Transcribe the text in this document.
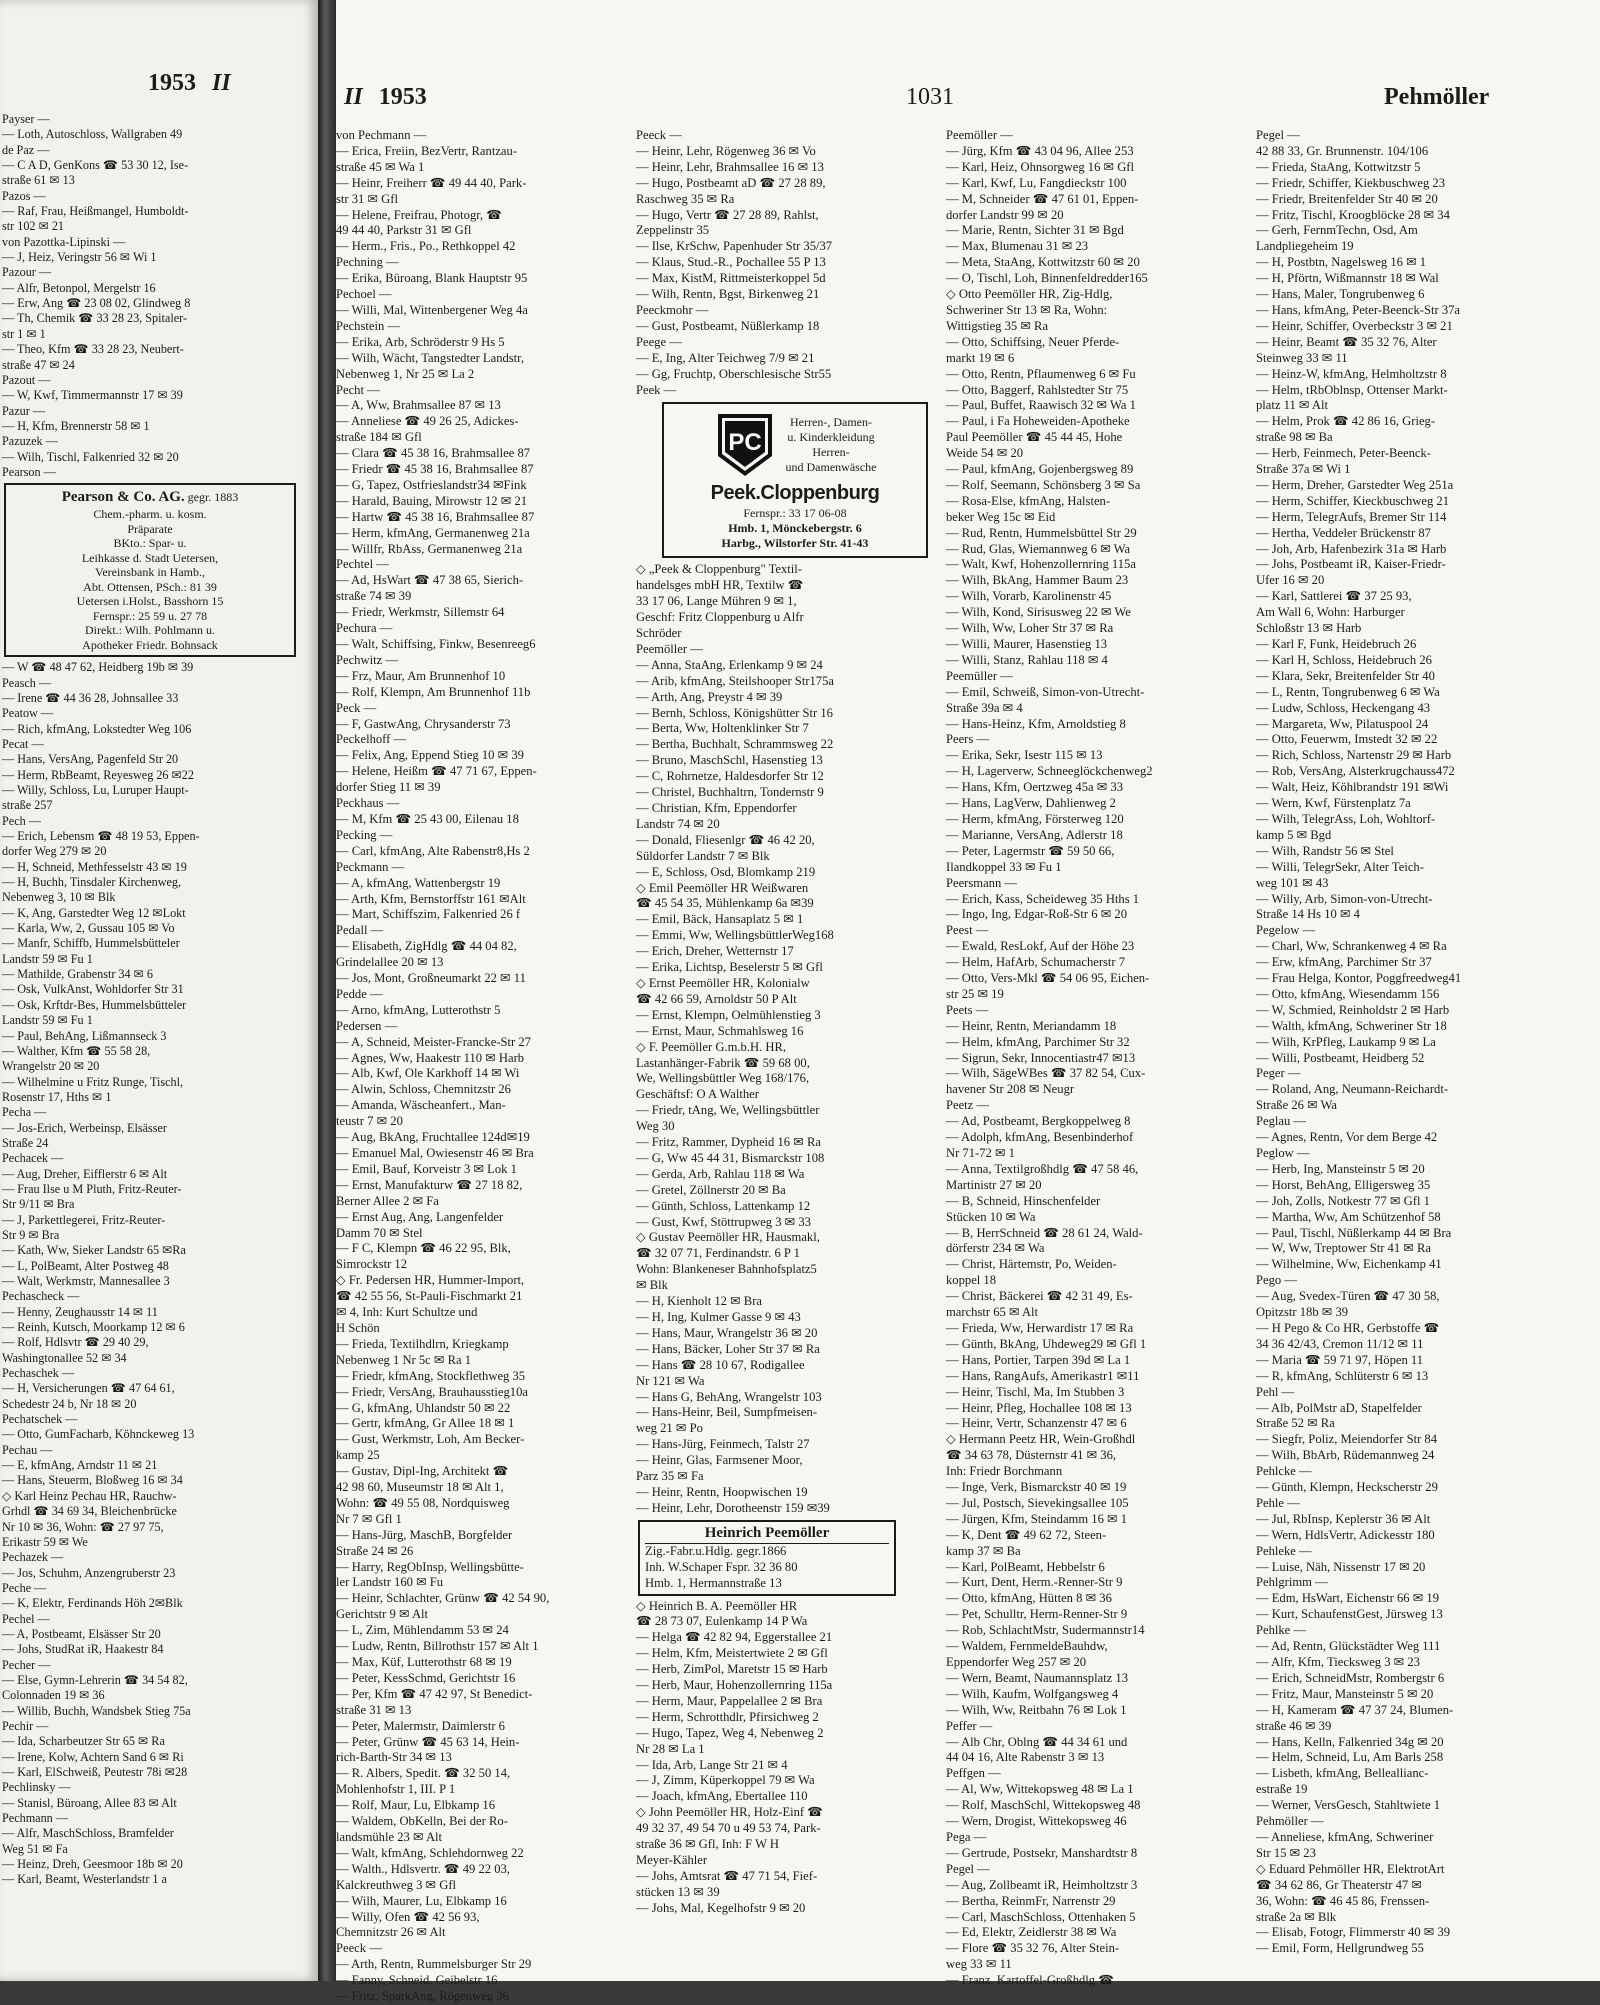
1953 II

Payser —

— Loth, Autoschloss, Wallgraben 49

de Paz —

— C A D, GenKons ☎ 53 30 12, Ise-

straße 61 ✉ 13

Pazos —

— Raf, Frau, Heißmangel, Humboldt-

str 102 ✉ 21

von Pazottka-Lipinski —

— J, Heiz, Veringstr 56 ✉ Wi 1

Pazour —

— Alfr, Betonpol, Mergelstr 16

— Erw, Ang ☎ 23 08 02, Glindweg 8

— Th, Chemik ☎ 33 28 23, Spitaler-

str 1 ✉ 1

— Theo, Kfm ☎ 33 28 23, Neubert-

straße 47 ✉ 24

Pazout —

— W, Kwf, Timmermannstr 17 ✉ 39

Pazur —

— H, Kfm, Brennerstr 58 ✉ 1

Pazuzek —

— Wilh, Tischl, Falkenried 32 ✉ 20

Pearson —

Pearson & Co. AG. gegr. 1883
Chem.-pharm. u. kosm.
Präparate
BKto.: Spar- u.
Leihkasse d. Stadt Uetersen,
Vereinsbank in Hamb.,
Abt. Ottensen, PSch.: 81 39
Uetersen i.Holst., Basshorn 15
Fernspr.: 25 59 u. 27 78
Direkt.: Wilh. Pohlmann u.
Apotheker Friedr. Bohnsack

— W ☎ 48 47 62, Heidberg 19b ✉ 39

Peasch —

— Irene ☎ 44 36 28, Johnsallee 33

Peatow —

— Rich, kfmAng, Lokstedter Weg 106

Pecat —

— Hans, VersAng, Pagenfeld Str 20

— Herm, RbBeamt, Reyesweg 26 ✉22

— Willy, Schloss, Lu, Luruper Haupt-

straße 257

Pech —

— Erich, Lebensm ☎ 48 19 53, Eppen-

dorfer Weg 279 ✉ 20

— H, Schneid, Methfesselstr 43 ✉ 19

— H, Buchh, Tinsdaler Kirchenweg,

Nebenweg 3, 10 ✉ Blk

— K, Ang, Garstedter Weg 12 ✉Lokt

— Karla, Ww, 2, Gussau 105 ✉ Vo

— Manfr, Schiffb, Hummelsbütteler

Landstr 59 ✉ Fu 1

— Mathilde, Grabenstr 34 ✉ 6

— Osk, VulkAnst, Wohldorfer Str 31

— Osk, Krftdr-Bes, Hummelsbütteler

Landstr 59 ✉ Fu 1

— Paul, BehAng, Lißmannseck 3

— Walther, Kfm ☎ 55 58 28,

Wrangelstr 20 ✉ 20

— Wilhelmine u Fritz Runge, Tischl,

Rosenstr 17, Hths ✉ 1

Pecha —

— Jos-Erich, Werbeinsp, Elsässer

Straße 24

Pechacek —

— Aug, Dreher, Eifflerstr 6 ✉ Alt

— Frau Ilse u M Pluth, Fritz-Reuter-

Str 9/11 ✉ Bra

— J, Parkettlegerei, Fritz-Reuter-

Str 9 ✉ Bra

— Kath, Ww, Sieker Landstr 65 ✉Ra

— L, PolBeamt, Alter Postweg 48

— Walt, Werkmstr, Mannesallee 3

Pechascheck —

— Henny, Zeughausstr 14 ✉ 11

— Reinh, Kutsch, Moorkamp 12 ✉ 6

— Rolf, Hdlsvtr ☎ 29 40 29,

Washingtonallee 52 ✉ 34

Pechaschek —

— H, Versicherungen ☎ 47 64 61,

Schedestr 24 b, Nr 18 ✉ 20

Pechatschek —

— Otto, GumFacharb, Köhnckeweg 13

Pechau —

— E, kfmAng, Arndstr 11 ✉ 21

— Hans, Steuerm, Bloßweg 16 ✉ 34

◇ Karl Heinz Pechau HR, Rauchw-

Grhdl ☎ 34 69 34, Bleichenbrücke

Nr 10 ✉ 36, Wohn: ☎ 27 97 75,

Erikastr 59 ✉ We

Pechazek —

— Jos, Schuhm, Anzengruberstr 23

Peche —

— K, Elektr, Ferdinands Höh 2✉Blk

Pechel —

— A, Postbeamt, Elsässer Str 20

— Johs, StudRat iR, Haakestr 84

Pecher —

— Else, Gymn-Lehrerin ☎ 34 54 82,

Colonnaden 19 ✉ 36

— Willib, Buchh, Wandsbek Stieg 75a

Pechir —

— Ida, Scharbeutzer Str 65 ✉ Ra

— Irene, Kolw, Achtern Sand 6 ✉ Ri

— Karl, ElSchweiß, Peutestr 78i ✉28

Pechlinsky —

— Stanisl, Büroang, Allee 83 ✉ Alt

Pechmann —

— Alfr, MaschSchloss, Bramfelder

Weg 51 ✉ Fa

— Heinz, Dreh, Geesmoor 18b ✉ 20

— Karl, Beamt, Westerlandstr 1 a

II 1953	1031	Pehmöller

von Pechmann —

— Erica, Freiin, BezVertr, Rantzau-

straße 45 ✉ Wa 1

— Heinr, Freiherr ☎ 49 44 40, Park-

str 31 ✉ Gfl

— Helene, Freifrau, Photogr, ☎

49 44 40, Parkstr 31 ✉ Gfl

— Herm., Fris., Po., Rethkoppel 42

Pechning —

— Erika, Büroang, Blank Hauptstr 95

Pechoel —

— Willi, Mal, Wittenbergener Weg 4a

Pechstein —

— Erika, Arb, Schröderstr 9 Hs 5

— Wilh, Wächt, Tangstedter Landstr,

Nebenweg 1, Nr 25 ✉ La 2

Pecht —

— A, Ww, Brahmsallee 87 ✉ 13

— Anneliese ☎ 49 26 25, Adickes-

straße 184 ✉ Gfl

— Clara ☎ 45 38 16, Brahmsallee 87

— Friedr ☎ 45 38 16, Brahmsallee 87

— G, Tapez, Ostfrieslandstr34 ✉Fink

— Harald, Bauing, Mirowstr 12 ✉ 21

— Hartw ☎ 45 38 16, Brahmsallee 87

— Herm, kfmAng, Germanenweg 21a

— Willfr, RbAss, Germanenweg 21a

Pechtel —

— Ad, HsWart ☎ 47 38 65, Sierich-

straße 74 ✉ 39

— Friedr, Werkmstr, Sillemstr 64

Pechura —

— Walt, Schiffsing, Finkw, Besenreeg6

Pechwitz —

— Frz, Maur, Am Brunnenhof 10

— Rolf, Klempn, Am Brunnenhof 11b

Peck —

— F, GastwAng, Chrysanderstr 73

Peckelhoff —

— Felix, Ang, Eppend Stieg 10 ✉ 39

— Helene, Heißm ☎ 47 71 67, Eppen-

dorfer Stieg 11 ✉ 39

Peckhaus —

— M, Kfm ☎ 25 43 00, Eilenau 18

Pecking —

— Carl, kfmAng, Alte Rabenstr8,Hs 2

Peckmann —

— A, kfmAng, Wattenbergstr 19

— Arth, Kfm, Bernstorffstr 161 ✉Alt

— Mart, Schiffszim, Falkenried 26 f

Pedall —

— Elisabeth, ZigHdlg ☎ 44 04 82,

Grindelallee 20 ✉ 13

— Jos, Mont, Großneumarkt 22 ✉ 11

Pedde —

— Arno, kfmAng, Lutterothstr 5

Pedersen —

— A, Schneid, Meister-Francke-Str 27

— Agnes, Ww, Haakestr 110 ✉ Harb

— Alb, Kwf, Ole Karkhoff 14 ✉ Wi

— Alwin, Schloss, Chemnitzstr 26

— Amanda, Wäscheanfert., Man-

teustr 7 ✉ 20

— Aug, BkAng, Fruchtallee 124d✉19

— Emanuel Mal, Owiesenstr 46 ✉ Bra

— Emil, Bauf, Korveistr 3 ✉ Lok 1

— Ernst, Manufakturw ☎ 27 18 82,

Berner Allee 2 ✉ Fa

— Ernst Aug, Ang, Langenfelder

Damm 70 ✉ Stel

— F C, Klempn ☎ 46 22 95, Blk,

Simrockstr 12

◇ Fr. Pedersen HR, Hummer-Import,

☎ 42 55 56, St-Pauli-Fischmarkt 21

✉ 4, Inh: Kurt Schultze und

H Schön

— Frieda, Textilhdlrn, Kriegkamp

Nebenweg 1 Nr 5c ✉ Ra 1

— Friedr, kfmAng, Stockflethweg 35

— Friedr, VersAng, Brauhausstieg10a

— G, kfmAng, Uhlandstr 50 ✉ 22

— Gertr, kfmAng, Gr Allee 18 ✉ 1

— Gust, Werkmstr, Loh, Am Becker-

kamp 25

— Gustav, Dipl-Ing, Architekt ☎

42 98 60, Museumstr 18 ✉ Alt 1,

Wohn: ☎ 49 55 08, Nordquisweg

Nr 7 ✉ Gfl 1

— Hans-Jürg, MaschB, Borgfelder

Straße 24 ✉ 26

— Harry, RegObInsp, Wellingsbütte-

ler Landstr 160 ✉ Fu

— Heinr, Schlachter, Grünw ☎ 42 54 90,

Gerichtstr 9 ✉ Alt

— L, Zim, Mühlendamm 53 ✉ 24

— Ludw, Rentn, Billrothstr 157 ✉ Alt 1

— Max, Küf, Lutterothstr 68 ✉ 19

— Peter, KessSchmd, Gerichtstr 16

— Per, Kfm ☎ 47 42 97, St Benedict-

straße 31 ✉ 13

— Peter, Malermstr, Daimlerstr 6

— Peter, Grünw ☎ 45 63 14, Hein-

rich-Barth-Str 34 ✉ 13

— R. Albers, Spedit. ☎ 32 50 14,

Mohlenhofstr 1, III. P 1

— Rolf, Maur, Lu, Elbkamp 16

— Waldem, ObKelln, Bei der Ro-

landsmühle 23 ✉ Alt

— Walt, kfmAng, Schlehdornweg 22

— Walth., Hdlsvertr. ☎ 49 22 03,

Kalckreuthweg 3 ✉ Gfl

— Wilh, Maurer, Lu, Elbkamp 16

— Willy, Ofen ☎ 42 56 93,

Chemnitzstr 26 ✉ Alt

Peeck —

— Arth, Rentn, Rummelsburger Str 29

— Fanny, Schneid, Geibelstr 16

— Fritz, SparkAng, Rögenweg 36

Peeck —

— Heinr, Lehr, Rögenweg 36 ✉ Vo

— Heinr, Lehr, Brahmsallee 16 ✉ 13

— Hugo, Postbeamt aD ☎ 27 28 89,

Raschweg 35 ✉ Ra

— Hugo, Vertr ☎ 27 28 89, Rahlst,

Zeppelinstr 35

— Ilse, KrSchw, Papenhuder Str 35/37

— Klaus, Stud.-R., Pochallee 55 P 13

— Max, KistM, Rittmeisterkoppel 5d

— Wilh, Rentn, Bgst, Birkenweg 21

Peeckmohr —

— Gust, Postbeamt, Nüßlerkamp 18

Peege —

— E, Ing, Alter Teichweg 7/9 ✉ 21

— Gg, Fruchtp, Oberschlesische Str55

Peek —

PC
Herren-, Damen-
u. Kinderkleidung
Herren-
und Damenwäsche
Peek.Cloppenburg
Fernspr.: 33 17 06-08
Hmb. 1, Mönckebergstr. 6
Harbg., Wilstorfer Str. 41-43

◇ „Peek & Cloppenburg" Textil-

handelsges mbH HR, Textilw ☎

33 17 06, Lange Mühren 9 ✉ 1,

Geschf: Fritz Cloppenburg u Alfr

Schröder

Peemöller —

— Anna, StaAng, Erlenkamp 9 ✉ 24

— Arib, kfmAng, Steilshooper Str175a

— Arth, Ang, Preystr 4 ✉ 39

— Bernh, Schloss, Königshütter Str 16

— Berta, Ww, Holtenklinker Str 7

— Bertha, Buchhalt, Schrammsweg 22

— Bruno, MaschSchl, Hasenstieg 13

— C, Rohrnetze, Haldesdorfer Str 12

— Christel, Buchhaltrn, Tondernstr 9

— Christian, Kfm, Eppendorfer

Landstr 74 ✉ 20

— Donald, Fliesenlgr ☎ 46 42 20,

Süldorfer Landstr 7 ✉ Blk

— E, Schloss, Osd, Blomkamp 219

◇ Emil Peemöller HR Weißwaren

☎ 45 54 35, Mühlenkamp 6a ✉39

— Emil, Bäck, Hansaplatz 5 ✉ 1

— Emmi, Ww, WellingsbüttlerWeg168

— Erich, Dreher, Wetternstr 17

— Erika, Lichtsp, Beselerstr 5 ✉ Gfl

◇ Ernst Peemöller HR, Kolonialw

☎ 42 66 59, Arnoldstr 50 P Alt

— Ernst, Klempn, Oelmühlenstieg 3

— Ernst, Maur, Schmahlsweg 16

◇ F. Peemöller G.m.b.H. HR,

Lastanhänger-Fabrik ☎ 59 68 00,

We, Wellingsbüttler Weg 168/176,

Geschäftsf: O A Walther

— Friedr, tAng, We, Wellingsbüttler

Weg 30

— Fritz, Rammer, Dypheid 16 ✉ Ra

— G, Ww 45 44 31, Bismarckstr 108

— Gerda, Arb, Rahlau 118 ✉ Wa

— Gretel, Zöllnerstr 20 ✉ Ba

— Günth, Schloss, Lattenkamp 12

— Gust, Kwf, Stöttrupweg 3 ✉ 33

◇ Gustav Peemöller HR, Hausmakl,

☎ 32 07 71, Ferdinandstr. 6 P 1

Wohn: Blankeneser Bahnhofsplatz5

✉ Blk

— H, Kienholt 12 ✉ Bra

— H, Ing, Kulmer Gasse 9 ✉ 43

— Hans, Maur, Wrangelstr 36 ✉ 20

— Hans, Bäcker, Loher Str 37 ✉ Ra

— Hans ☎ 28 10 67, Rodigallee

Nr 121 ✉ Wa

— Hans G, BehAng, Wrangelstr 103

— Hans-Heinr, Beil, Sumpfmeisen-

weg 21 ✉ Po

— Hans-Jürg, Feinmech, Talstr 27

— Heinr, Glas, Farmsener Moor,

Parz 35 ✉ Fa

— Heinr, Rentn, Hoopwischen 19

— Heinr, Lehr, Dorotheenstr 159 ✉39

Heinrich Peemöller
Zig.-Fabr.u.Hdlg. gegr.1866
Inh. W.Schaper Fspr. 32 36 80
Hmb. 1, Hermannstraße 13

◇ Heinrich B. A. Peemöller HR

☎ 28 73 07, Eulenkamp 14 P Wa

— Helga ☎ 42 82 94, Eggerstallee 21

— Helm, Kfm, Meistertwiete 2 ✉ Gfl

— Herb, ZimPol, Maretstr 15 ✉ Harb

— Herb, Maur, Hohenzollernring 115a

— Herm, Maur, Pappelallee 2 ✉ Bra

— Herm, Schrotthdlr, Pfirsichweg 2

— Hugo, Tapez, Weg 4, Nebenweg 2

Nr 28 ✉ La 1

— Ida, Arb, Lange Str 21 ✉ 4

— J, Zimm, Küperkoppel 79 ✉ Wa

— Joach, kfmAng, Ebertallee 110

◇ John Peemöller HR, Holz-Einf ☎

49 32 37, 49 54 70 u 49 53 74, Park-

straße 36 ✉ Gfl, Inh: F W H

Meyer-Kähler

— Johs, Amtsrat ☎ 47 71 54, Fief-

stücken 13 ✉ 39

— Johs, Mal, Kegelhofstr 9 ✉ 20

Peemöller —

— Jürg, Kfm ☎ 43 04 96, Allee 253

— Karl, Heiz, Ohnsorgweg 16 ✉ Gfl

— Karl, Kwf, Lu, Fangdieckstr 100

— M, Schneider ☎ 47 61 01, Eppen-

dorfer Landstr 99 ✉ 20

— Marie, Rentn, Sichter 31 ✉ Bgd

— Max, Blumenau 31 ✉ 23

— Meta, StaAng, Kottwitzstr 60 ✉ 20

— O, Tischl, Loh, Binnenfeldredder165

◇ Otto Peemöller HR, Zig-Hdlg,

Schweriner Str 13 ✉ Ra, Wohn:

Wittigstieg 35 ✉ Ra

— Otto, Schiffsing, Neuer Pferde-

markt 19 ✉ 6

— Otto, Rentn, Pflaumenweg 6 ✉ Fu

— Otto, Baggerf, Rahlstedter Str 75

— Paul, Buffet, Raawisch 32 ✉ Wa 1

— Paul, i Fa Hoheweiden-Apotheke

Paul Peemöller ☎ 45 44 45, Hohe

Weide 54 ✉ 20

— Paul, kfmAng, Gojenbergsweg 89

— Rolf, Seemann, Schönsberg 3 ✉ Sa

— Rosa-Else, kfmAng, Halsten-

beker Weg 15c ✉ Eid

— Rud, Rentn, Hummelsbüttel Str 29

— Rud, Glas, Wiemannweg 6 ✉ Wa

— Walt, Kwf, Hohenzollernring 115a

— Wilh, BkAng, Hammer Baum 23

— Wilh, Vorarb, Karolinenstr 45

— Wilh, Kond, Sirisusweg 22 ✉ We

— Wilh, Ww, Loher Str 37 ✉ Ra

— Willi, Maurer, Hasenstieg 13

— Willi, Stanz, Rahlau 118 ✉ 4

Peemüller —

— Emil, Schweiß, Simon-von-Utrecht-

Straße 39a ✉ 4

— Hans-Heinz, Kfm, Arnoldstieg 8

Peers —

— Erika, Sekr, Isestr 115 ✉ 13

— H, Lagerverw, Schneeglöckchenweg2

— Hans, Kfm, Oertzweg 45a ✉ 33

— Hans, LagVerw, Dahlienweg 2

— Herm, kfmAng, Försterweg 120

— Marianne, VersAng, Adlerstr 18

— Peter, Lagermstr ☎ 59 50 66,

Ilandkoppel 33 ✉ Fu 1

Peersmann —

— Erich, Kass, Scheideweg 35 Hths 1

— Ingo, Ing, Edgar-Roß-Str 6 ✉ 20

Peest —

— Ewald, ResLokf, Auf der Höhe 23

— Helm, HafArb, Schumacherstr 7

— Otto, Vers-Mkl ☎ 54 06 95, Eichen-

str 25 ✉ 19

Peets —

— Heinr, Rentn, Meriandamm 18

— Helm, kfmAng, Parchimer Str 32

— Sigrun, Sekr, Innocentiastr47 ✉13

— Wilh, SägeWBes ☎ 37 82 54, Cux-

havener Str 208 ✉ Neugr

Peetz —

— Ad, Postbeamt, Bergkoppelweg 8

— Adolph, kfmAng, Besenbinderhof

Nr 71-72 ✉ 1

— Anna, Textilgroßhdlg ☎ 47 58 46,

Martinistr 27 ✉ 20

— B, Schneid, Hinschenfelder

Stücken 10 ✉ Wa

— B, HerrSchneid ☎ 28 61 24, Wald-

dörferstr 234 ✉ Wa

— Christ, Härtemstr, Po, Weiden-

koppel 18

— Christ, Bäckerei ☎ 42 31 49, Es-

marchstr 65 ✉ Alt

— Frieda, Ww, Herwardistr 17 ✉ Ra

— Günth, BkAng, Uhdeweg29 ✉ Gfl 1

— Hans, Portier, Tarpen 39d ✉ La 1

— Hans, RangAufs, Amerikastr1 ✉11

— Heinr, Tischl, Ma, Im Stubben 3

— Heinr, Pfleg, Hochallee 108 ✉ 13

— Heinr, Vertr, Schanzenstr 47 ✉ 6

◇ Hermann Peetz HR, Wein-Großhdl

☎ 34 63 78, Düsternstr 41 ✉ 36,

Inh: Friedr Borchmann

— Inge, Verk, Bismarckstr 40 ✉ 19

— Jul, Postsch, Sievekingsallee 105

— Jürgen, Kfm, Steindamm 16 ✉ 1

— K, Dent ☎ 49 62 72, Steen-

kamp 37 ✉ Ba

— Karl, PolBeamt, Hebbelstr 6

— Kurt, Dent, Herm.-Renner-Str 9

— Otto, kfmAng, Hütten 8 ✉ 36

— Pet, Schulltr, Herm-Renner-Str 9

— Rob, SchlachtMstr, Sudermannstr14

— Waldem, FernmeldeBauhdw,

Eppendorfer Weg 257 ✉ 20

— Wern, Beamt, Naumannsplatz 13

— Wilh, Kaufm, Wolfgangsweg 4

— Wilh, Ww, Reitbahn 76 ✉ Lok 1

Peffer —

— Alb Chr, Oblng ☎ 44 34 61 und

44 04 16, Alte Rabenstr 3 ✉ 13

Peffgen —

— Al, Ww, Wittekopsweg 48 ✉ La 1

— Rolf, MaschSchl, Wittekopsweg 48

— Wern, Drogist, Wittekopsweg 46

Pega —

— Gertrude, Postsekr, Manshardtstr 8

Pegel —

— Aug, Zollbeamt iR, Heimholtzstr 3

— Bertha, ReinmFr, Narrenstr 29

— Carl, MaschSchloss, Ottenhaken 5

— Ed, Elektr, Zeidlerstr 38 ✉ Wa

— Flore ☎ 35 32 76, Alter Stein-

weg 33 ✉ 11

— Franz, Kartoffel-Großhdlg ☎

Pegel —

42 88 33, Gr. Brunnenstr. 104/106

— Frieda, StaAng, Kottwitzstr 5

— Friedr, Schiffer, Kiekbuschweg 23

— Friedr, Breitenfelder Str 40 ✉ 20

— Fritz, Tischl, Kroogblöcke 28 ✉ 34

— Gerh, FernmTechn, Osd, Am

Landpliegeheim 19

— H, Postbtn, Nagelsweg 16 ✉ 1

— H, Pförtn, Wißmannstr 18 ✉ Wal

— Hans, Maler, Tongrubenweg 6

— Hans, kfmAng, Peter-Beenck-Str 37a

— Heinr, Schiffer, Overbeckstr 3 ✉ 21

— Heinr, Beamt ☎ 35 32 76, Alter

Steinweg 33 ✉ 11

— Heinz-W, kfmAng, Helmholtzstr 8

— Helm, tRbOblnsp, Ottenser Markt-

platz 11 ✉ Alt

— Helm, Prok ☎ 42 86 16, Grieg-

straße 98 ✉ Ba

— Herb, Feinmech, Peter-Beenck-

Straße 37a ✉ Wi 1

— Herm, Dreher, Garstedter Weg 251a

— Herm, Schiffer, Kieckbuschweg 21

— Herm, TelegrAufs, Bremer Str 114

— Hertha, Veddeler Brückenstr 87

— Joh, Arb, Hafenbezirk 31a ✉ Harb

— Johs, Postbeamt iR, Kaiser-Friedr-

Ufer 16 ✉ 20

— Karl, Sattlerei ☎ 37 25 93,

Am Wall 6, Wohn: Harburger

Schloßstr 13 ✉ Harb

— Karl F, Funk, Heidebruch 26

— Karl H, Schloss, Heidebruch 26

— Klara, Sekr, Breitenfelder Str 40

— L, Rentn, Tongrubenweg 6 ✉ Wa

— Ludw, Schloss, Heckengang 43

— Margareta, Ww, Pilatuspool 24

— Otto, Feuerwm, Imstedt 32 ✉ 22

— Rich, Schloss, Nartenstr 29 ✉ Harb

— Rob, VersAng, Alsterkrugchauss472

— Walt, Heiz, Köhlbrandstr 191 ✉Wi

— Wern, Kwf, Fürstenplatz 7a

— Wilh, TelegrAss, Loh, Wohltorf-

kamp 5 ✉ Bgd

— Wilh, Randstr 56 ✉ Stel

— Willi, TelegrSekr, Alter Teich-

weg 101 ✉ 43

— Willy, Arb, Simon-von-Utrecht-

Straße 14 Hs 10 ✉ 4

Pegelow —

— Charl, Ww, Schrankenweg 4 ✉ Ra

— Erw, kfmAng, Parchimer Str 37

— Frau Helga, Kontor, Poggfreedweg41

— Otto, kfmAng, Wiesendamm 156

— W, Schmied, Reinholdstr 2 ✉ Harb

— Walth, kfmAng, Schweriner Str 18

— Wilh, KrPfleg, Laukamp 9 ✉ La

— Willi, Postbeamt, Heidberg 52

Peger —

— Roland, Ang, Neumann-Reichardt-

Straße 26 ✉ Wa

Peglau —

— Agnes, Rentn, Vor dem Berge 42

Peglow —

— Herb, Ing, Mansteinstr 5 ✉ 20

— Horst, BehAng, Elligersweg 35

— Joh, Zolls, Notkestr 77 ✉ Gfl 1

— Martha, Ww, Am Schützenhof 58

— Paul, Tischl, Nüßlerkamp 44 ✉ Bra

— W, Ww, Treptower Str 41 ✉ Ra

— Wilhelmine, Ww, Eichenkamp 41

Pego —

— Aug, Svedex-Türen ☎ 47 30 58,

Opitzstr 18b ✉ 39

— H Pego & Co HR, Gerbstoffe ☎

34 36 42/43, Cremon 11/12 ✉ 11

— Maria ☎ 59 71 97, Höpen 11

— R, kfmAng, Schlüterstr 6 ✉ 13

Pehl —

— Alb, PolMstr aD, Stapelfelder

Straße 52 ✉ Ra

— Siegfr, Poliz, Meiendorfer Str 84

— Wilh, BbArb, Rüdemannweg 24

Pehlcke —

— Günth, Klempn, Heckscherstr 29

Pehle —

— Jul, RbInsp, Keplerstr 36 ✉ Alt

— Wern, HdlsVertr, Adickesstr 180

Pehleke —

— Luise, Näh, Nissenstr 17 ✉ 20

Pehlgrimm —

— Edm, HsWart, Eichenstr 66 ✉ 19

— Kurt, SchaufenstGest, Jürsweg 13

Pehlke —

— Ad, Rentn, Glückstädter Weg 111

— Alfr, Kfm, Tiecksweg 3 ✉ 23

— Erich, SchneidMstr, Rombergstr 6

— Fritz, Maur, Mansteinstr 5 ✉ 20

— H, Kameram ☎ 47 37 24, Blumen-

straße 46 ✉ 39

— Hans, Kelln, Falkenried 34g ✉ 20

— Helm, Schneid, Lu, Am Barls 258

— Lisbeth, kfmAng, Belleallianc-

estraße 19

— Werner, VersGesch, Stahltwiete 1

Pehmöller —

— Anneliese, kfmAng, Schweriner

Str 15 ✉ 23

◇ Eduard Pehmöller HR, ElektrotArt

☎ 34 62 86, Gr Theaterstr 47 ✉

36, Wohn: ☎ 46 45 86, Frenssen-

straße 2a ✉ Blk

— Elisab, Fotogr, Flimmerstr 40 ✉ 39

— Emil, Form, Hellgrundweg 55
